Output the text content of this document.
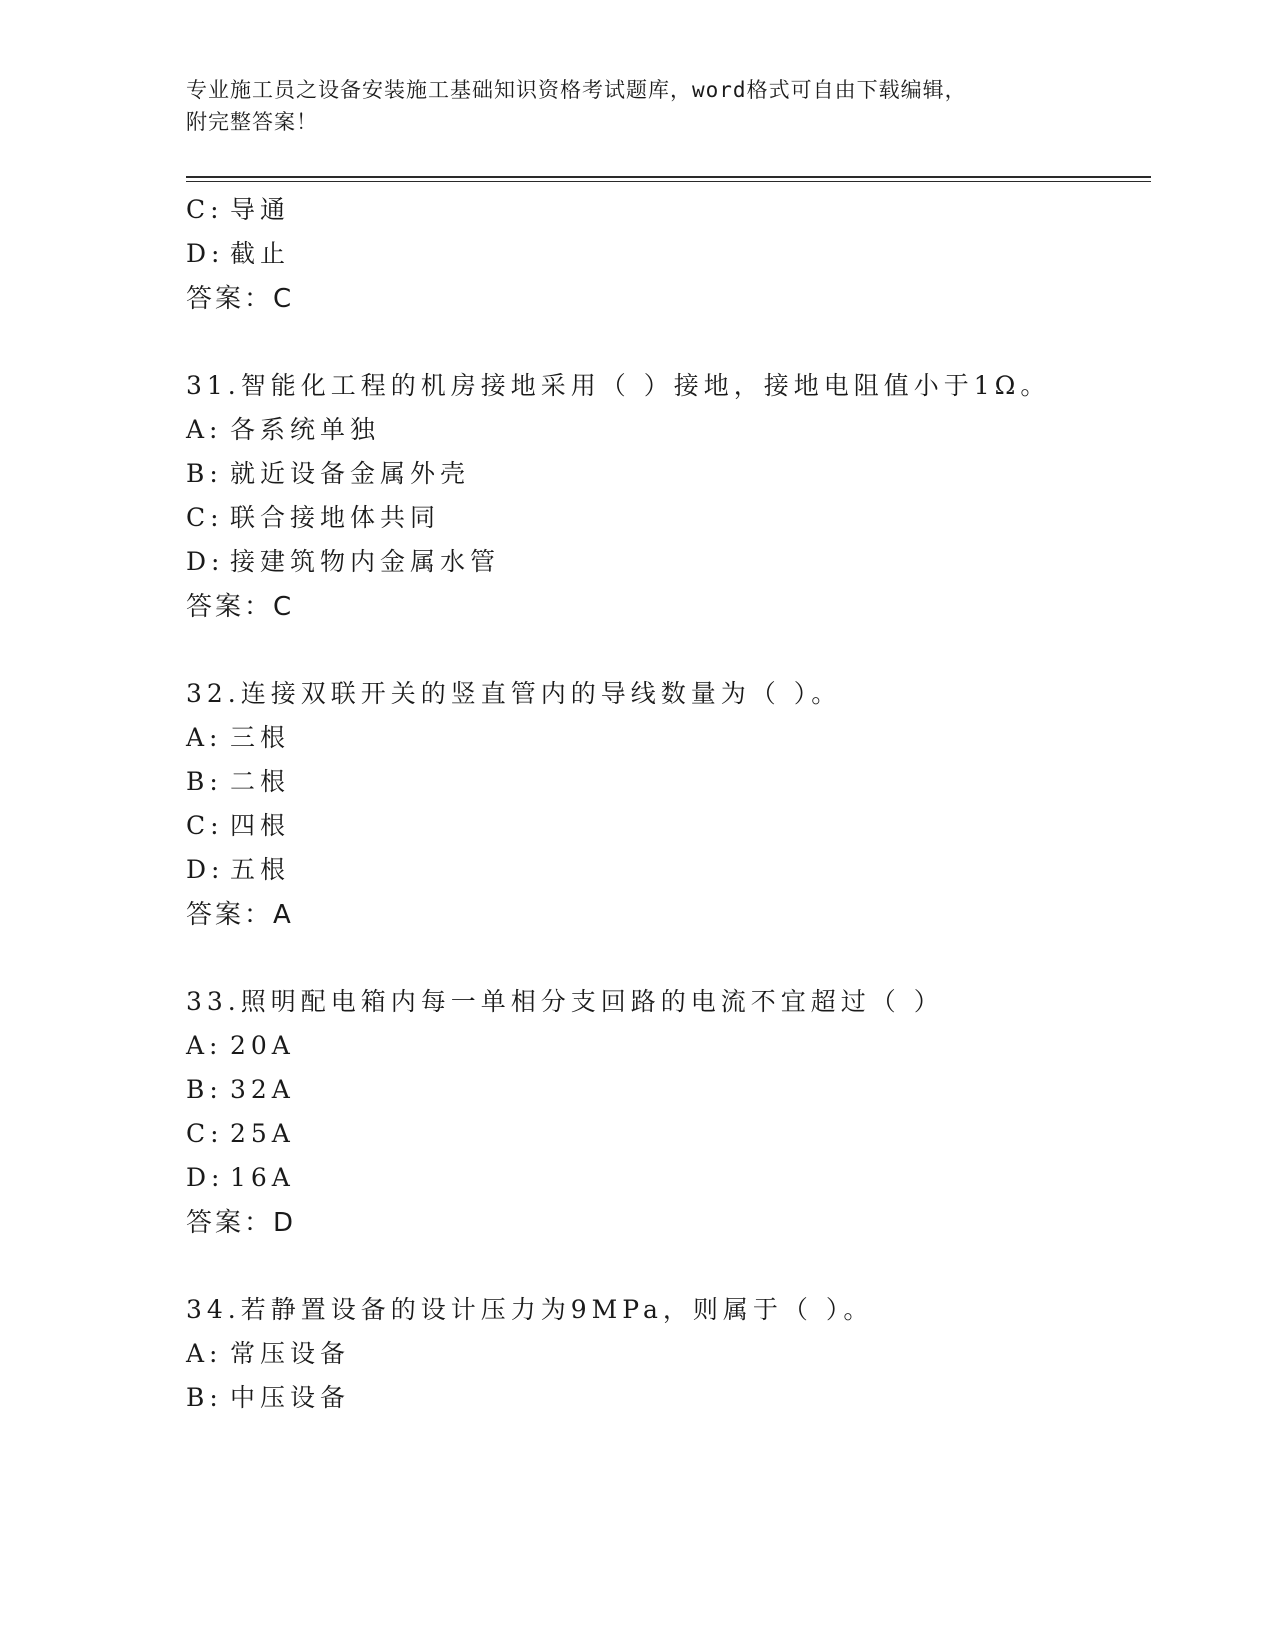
专业施工员之设备安装施工基础知识资格考试题库，word格式可自由下载编辑，
附完整答案！
C: 导通
D: 截止
答案：C
31.智能化工程的机房接地采用（ ）接地，接地电阻值小于1Ω。
A: 各系统单独
B: 就近设备金属外壳
C: 联合接地体共同
D: 接建筑物内金属水管
答案：C
32.连接双联开关的竖直管内的导线数量为（ ）。
A: 三根
B: 二根
C: 四根
D: 五根
答案：A
33.照明配电箱内每一单相分支回路的电流不宜超过（ ）
A: 20A
B: 32A
C: 25A
D: 16A
答案：D
34.若静置设备的设计压力为9MPa，则属于（ ）。
A: 常压设备
B: 中压设备
